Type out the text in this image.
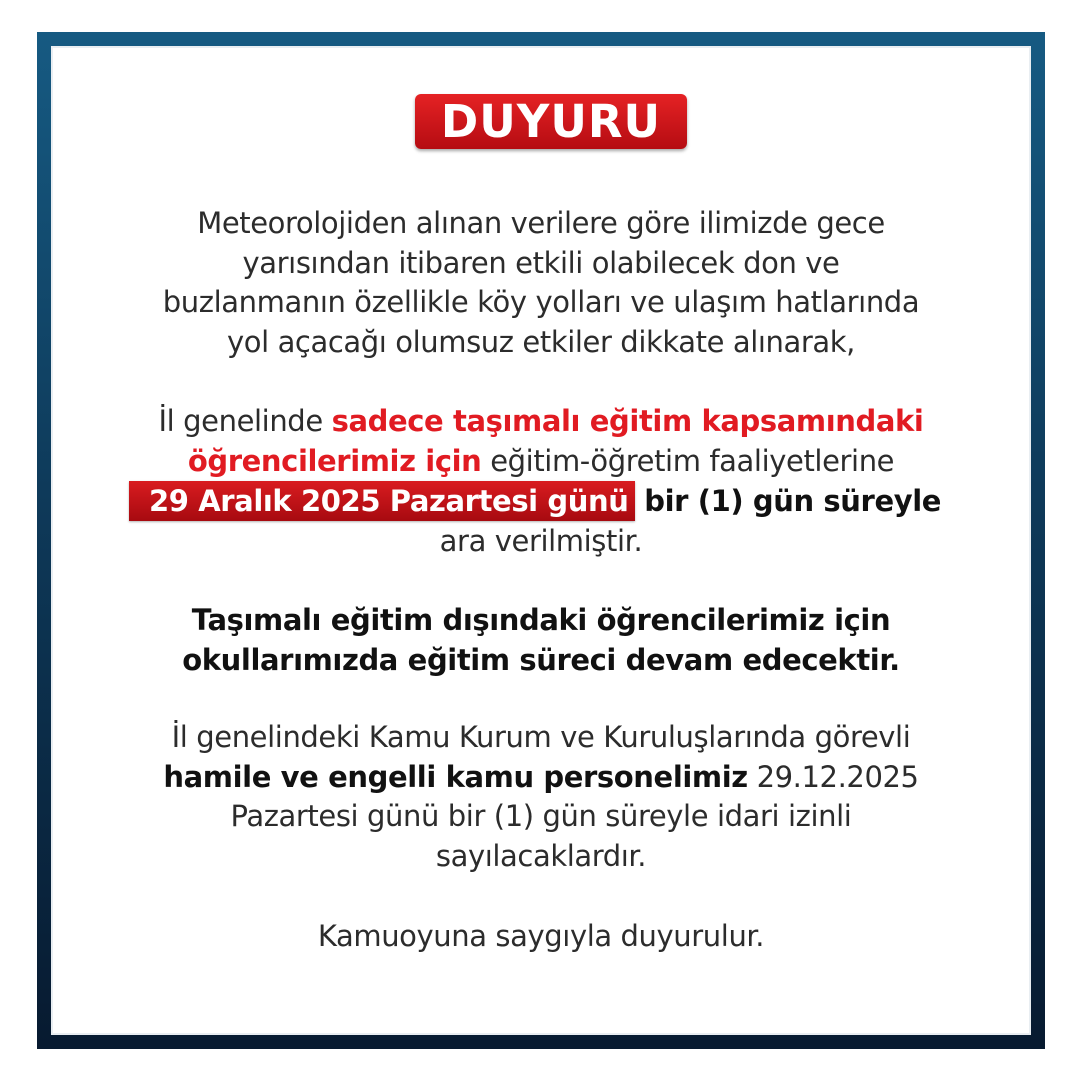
DUYURU
Meteorolojiden alınan verilere göre ilimizde gece
yarısından itibaren etkili olabilecek don ve
buzlanmanın özellikle köy yolları ve ulaşım hatlarında
yol açacağı olumsuz etkiler dikkate alınarak,
İl genelinde sadece taşımalı eğitim kapsamındaki
öğrencilerimiz için eğitim-öğretim faaliyetlerine
29 Aralık 2025 Pazartesi günü bir (1) gün süreyle
ara verilmiştir.
Taşımalı eğitim dışındaki öğrencilerimiz için
okullarımızda eğitim süreci devam edecektir.
İl genelindeki Kamu Kurum ve Kuruluşlarında görevli
hamile ve engelli kamu personelimiz 29.12.2025
Pazartesi günü bir (1) gün süreyle idari izinli
sayılacaklardır.
Kamuoyuna saygıyla duyurulur.
